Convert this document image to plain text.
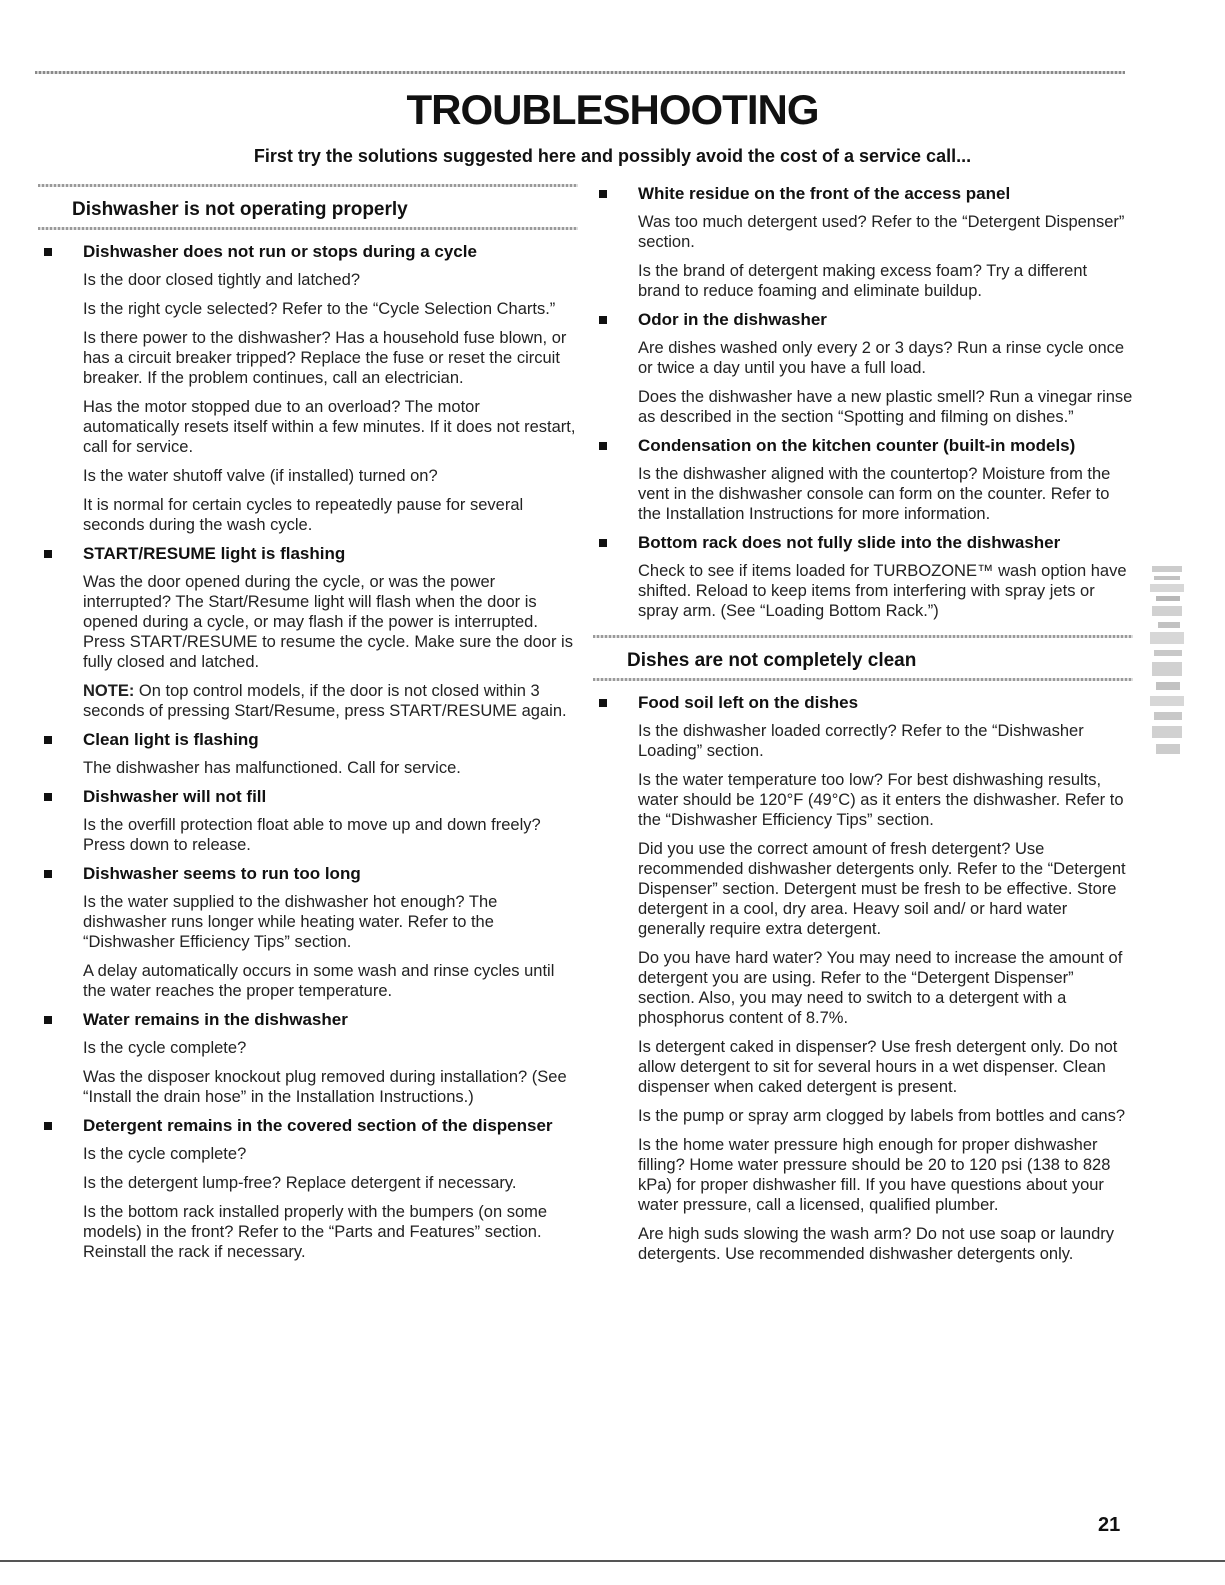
TROUBLESHOOTING
First try the solutions suggested here and possibly avoid the cost of a service call...
Dishwasher is not operating properly
Dishwasher does not run or stops during a cycle

Is the door closed tightly and latched?

Is the right cycle selected? Refer to the “Cycle Selection Charts.”

Is there power to the dishwasher? Has a household fuse blown, or has a circuit breaker tripped? Replace the fuse or reset the circuit breaker. If the problem continues, call an electrician.

Has the motor stopped due to an overload? The motor automatically resets itself within a few minutes. If it does not restart, call for service.

Is the water shutoff valve (if installed) turned on?

It is normal for certain cycles to repeatedly pause for several seconds during the wash cycle.

START/RESUME light is flashing

Was the door opened during the cycle, or was the power interrupted? The Start/Resume light will flash when the door is opened during a cycle, or may flash if the power is interrupted. Press START/RESUME to resume the cycle. Make sure the door is fully closed and latched.

NOTE: On top control models, if the door is not closed within 3 seconds of pressing Start/Resume, press START/RESUME again.

Clean light is flashing

The dishwasher has malfunctioned. Call for service.

Dishwasher will not fill

Is the overfill protection float able to move up and down freely? Press down to release.

Dishwasher seems to run too long

Is the water supplied to the dishwasher hot enough? The dishwasher runs longer while heating water. Refer to the “Dishwasher Efficiency Tips” section.

A delay automatically occurs in some wash and rinse cycles until the water reaches the proper temperature.

Water remains in the dishwasher

Is the cycle complete?

Was the disposer knockout plug removed during installation? (See “Install the drain hose” in the Installation Instructions.)

Detergent remains in the covered section of the dispenser

Is the cycle complete?

Is the detergent lump-free? Replace detergent if necessary.

Is the bottom rack installed properly with the bumpers (on some models) in the front? Refer to the “Parts and Features” section. Reinstall the rack if necessary.

White residue on the front of the access panel

Was too much detergent used? Refer to the “Detergent Dispenser” section.

Is the brand of detergent making excess foam? Try a different brand to reduce foaming and eliminate buildup.

Odor in the dishwasher

Are dishes washed only every 2 or 3 days? Run a rinse cycle once or twice a day until you have a full load.

Does the dishwasher have a new plastic smell? Run a vinegar rinse as described in the section “Spotting and filming on dishes.”

Condensation on the kitchen counter (built-in models)

Is the dishwasher aligned with the countertop? Moisture from the vent in the dishwasher console can form on the counter. Refer to the Installation Instructions for more information.

Bottom rack does not fully slide into the dishwasher

Check to see if items loaded for TURBOZONE™ wash option have shifted. Reload to keep items from interfering with spray jets or spray arm. (See “Loading Bottom Rack.”)

Dishes are not completely clean
Food soil left on the dishes

Is the dishwasher loaded correctly? Refer to the “Dishwasher Loading” section.

Is the water temperature too low? For best dishwashing results, water should be 120°F (49°C) as it enters the dishwasher. Refer to the “Dishwasher Efficiency Tips” section.

Did you use the correct amount of fresh detergent? Use recommended dishwasher detergents only. Refer to the “Detergent Dispenser” section. Detergent must be fresh to be effective. Store detergent in a cool, dry area. Heavy soil and/ or hard water generally require extra detergent.

Do you have hard water? You may need to increase the amount of detergent you are using. Refer to the “Detergent Dispenser” section. Also, you may need to switch to a detergent with a phosphorus content of 8.7%.

Is detergent caked in dispenser? Use fresh detergent only. Do not allow detergent to sit for several hours in a wet dispenser. Clean dispenser when caked detergent is present.

Is the pump or spray arm clogged by labels from bottles and cans?

Is the home water pressure high enough for proper dishwasher filling? Home water pressure should be 20 to 120 psi (138 to 828 kPa) for proper dishwasher fill. If you have questions about your water pressure, call a licensed, qualified plumber.

Are high suds slowing the wash arm? Do not use soap or laundry detergents. Use recommended dishwasher detergents only.

21
